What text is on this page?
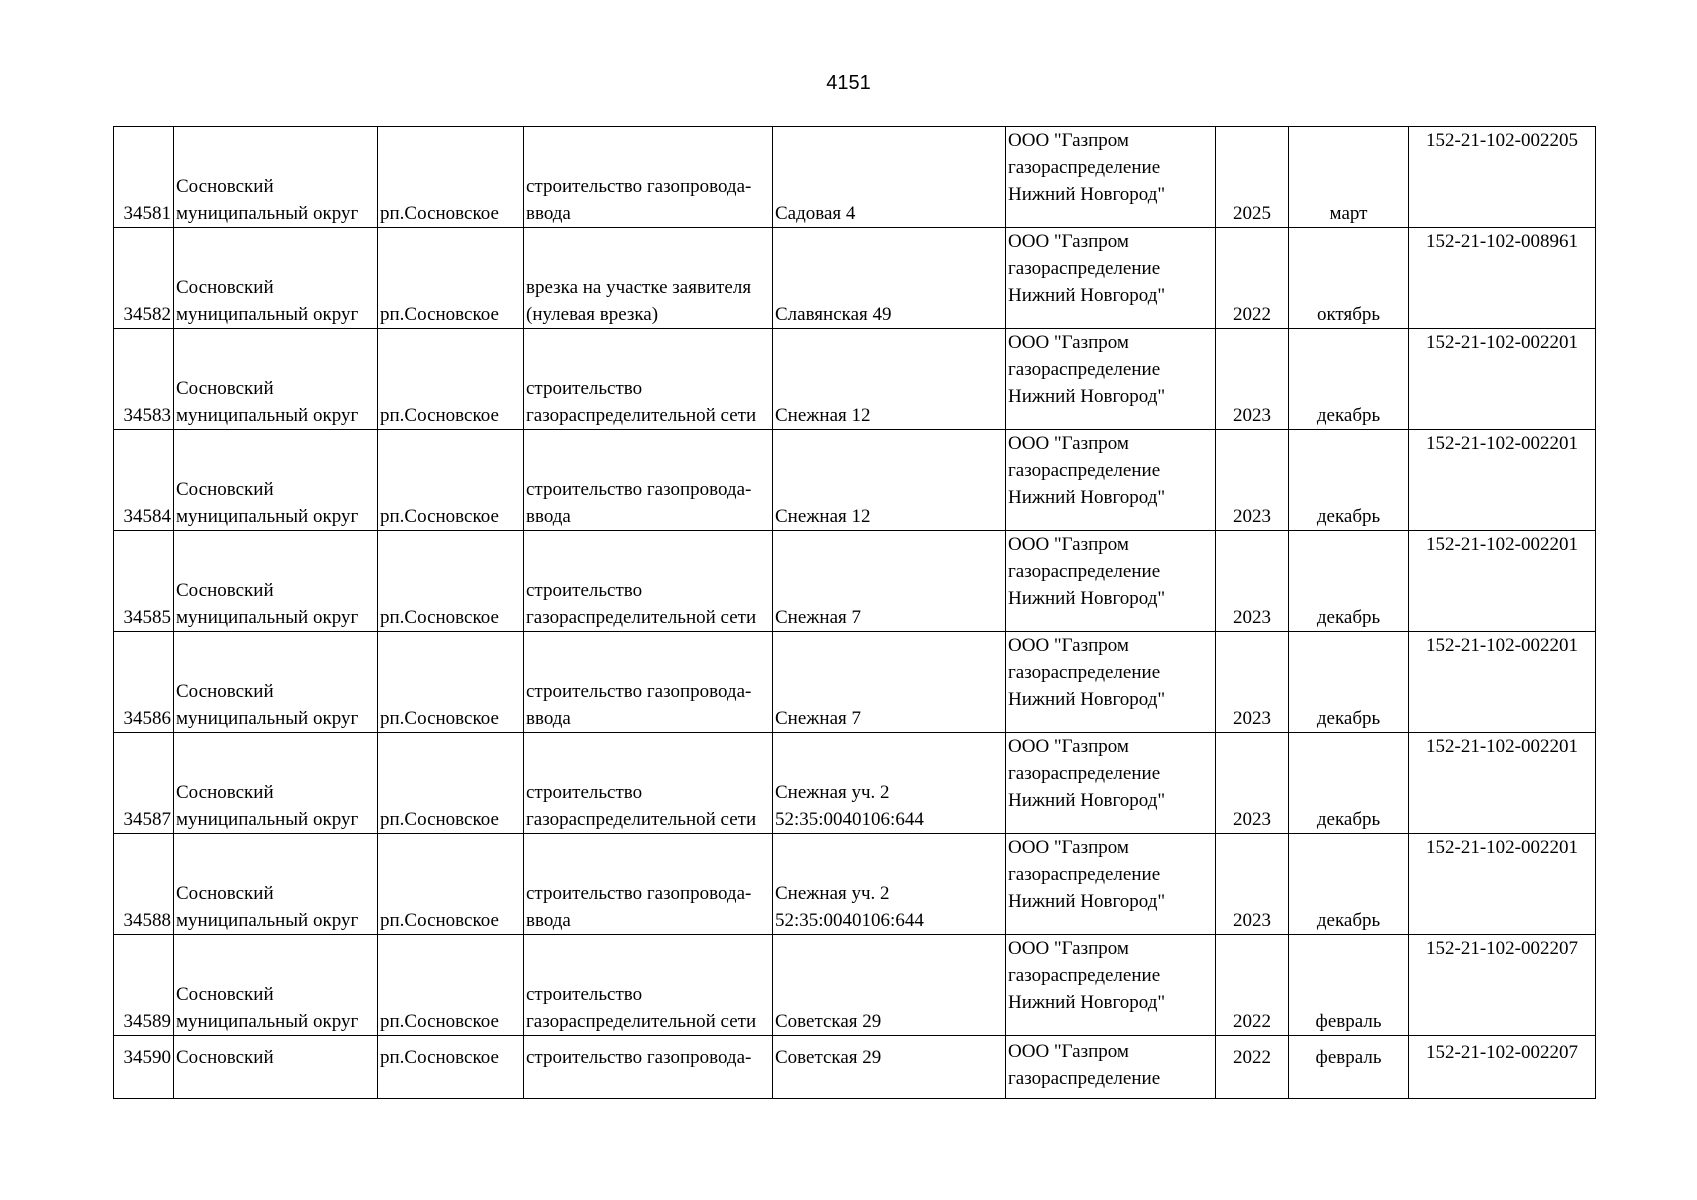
4151
34581	Сосновский
муниципальный округ	рп.Сосновское	строительство газопровода-
ввода	Садовая 4	ООО "Газпром
газораспределение
Нижний Новгород"	2025	март	152-21-102-002205
34582	Сосновский
муниципальный округ	рп.Сосновское	врезка на участке заявителя
(нулевая врезка)	Славянская 49	ООО "Газпром
газораспределение
Нижний Новгород"	2022	октябрь	152-21-102-008961
34583	Сосновский
муниципальный округ	рп.Сосновское	строительство
газораспределительной сети	Снежная 12	ООО "Газпром
газораспределение
Нижний Новгород"	2023	декабрь	152-21-102-002201
34584	Сосновский
муниципальный округ	рп.Сосновское	строительство газопровода-
ввода	Снежная 12	ООО "Газпром
газораспределение
Нижний Новгород"	2023	декабрь	152-21-102-002201
34585	Сосновский
муниципальный округ	рп.Сосновское	строительство
газораспределительной сети	Снежная 7	ООО "Газпром
газораспределение
Нижний Новгород"	2023	декабрь	152-21-102-002201
34586	Сосновский
муниципальный округ	рп.Сосновское	строительство газопровода-
ввода	Снежная 7	ООО "Газпром
газораспределение
Нижний Новгород"	2023	декабрь	152-21-102-002201
34587	Сосновский
муниципальный округ	рп.Сосновское	строительство
газораспределительной сети	Снежная уч. 2
52:35:0040106:644	ООО "Газпром
газораспределение
Нижний Новгород"	2023	декабрь	152-21-102-002201
34588	Сосновский
муниципальный округ	рп.Сосновское	строительство газопровода-
ввода	Снежная уч. 2
52:35:0040106:644	ООО "Газпром
газораспределение
Нижний Новгород"	2023	декабрь	152-21-102-002201
34589	Сосновский
муниципальный округ	рп.Сосновское	строительство
газораспределительной сети	Советская 29	ООО "Газпром
газораспределение
Нижний Новгород"	2022	февраль	152-21-102-002207
34590	Сосновский	рп.Сосновское	строительство газопровода-	Советская 29	ООО "Газпром
газораспределение	2022	февраль	152-21-102-002207
